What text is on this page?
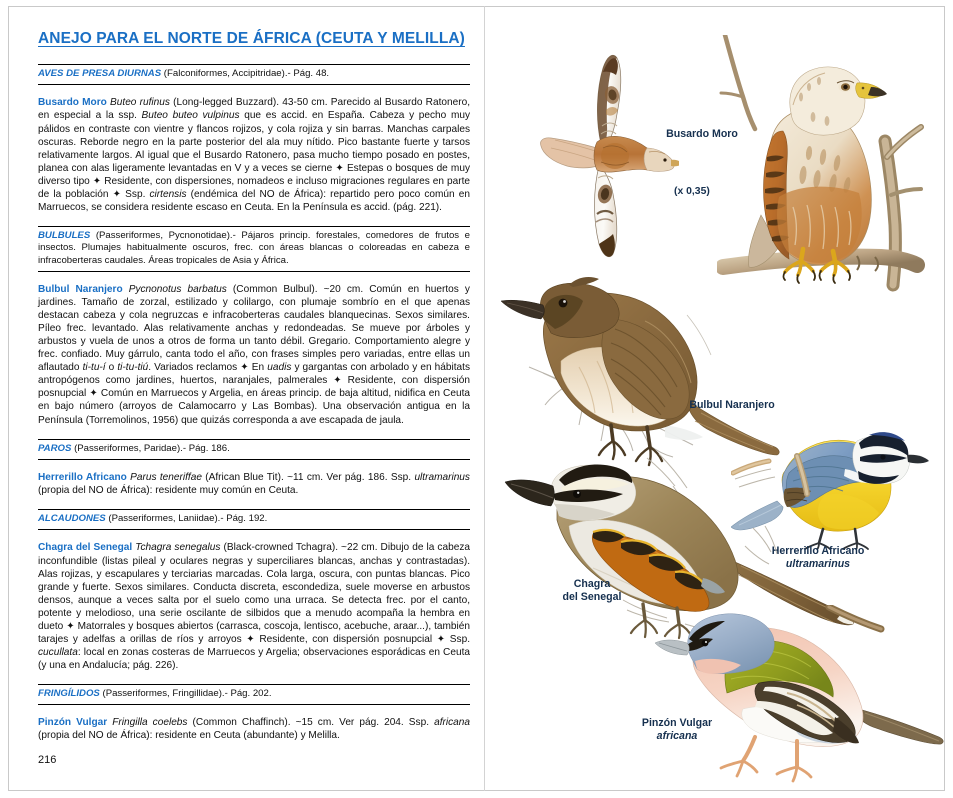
ANEJO PARA EL NORTE DE ÁFRICA (CEUTA Y MELILLA)

AVES DE PRESA DIURNAS (Falconiformes, Accipitridae).- Pág. 48.

Busardo Moro Buteo rufinus (Long-legged Buzzard). 43-50 cm. Parecido al Busardo Ratonero, en especial a la ssp. Buteo buteo vulpinus que es accid. en España. Cabeza y pecho muy pálidos en contraste con vientre y flancos rojizos, y cola rojiza y sin barras. Manchas carpales oscuras. Reborde negro en la parte posterior del ala muy nítido. Pico bastante fuerte y tarsos relativamente largos. Al igual que el Busardo Ratonero, pasa mucho tiempo posado en postes, planea con alas ligeramente levantadas en V y a veces se cierne ✦ Estepas o bosques de muy diverso tipo ✦ Residente, con dispersiones, nomadeos e incluso migraciones regulares en parte de la población ✦ Ssp. cirtensis (endémica del NO de África): repartido pero poco común en Marruecos, se considera residente escaso en Ceuta. En la Península es accid. (pág. 221).

BULBULES (Passeriformes, Pycnonotidae).- Pájaros princip. forestales, comedores de frutos e insectos. Plumajes habitualmente oscuros, frec. con áreas blancas o coloreadas en cabeza e infracoberteras caudales. Áreas tropicales de Asia y África.

Bulbul Naranjero Pycnonotus barbatus (Common Bulbul). ~20 cm. Común en huertos y jardines. Tamaño de zorzal, estilizado y colilargo, con plumaje sombrío en el que apenas destacan cabeza y cola negruzcas e infracoberteras caudales blanquecinas. Sexos similares. Píleo frec. levantado. Alas relativamente anchas y redondeadas. Se mueve por árboles y arbustos y vuela de unos a otros de forma un tanto débil. Gregario. Comportamiento alegre y frec. confiado. Muy gárrulo, canta todo el año, con frases simples pero variadas, entre ellas un aflautado ti-tu-í o ti-tu-tiú. Variados reclamos ✦ En uadis y gargantas con arbolado y en hábitats antropógenos como jardines, huertos, naranjales, palmerales ✦ Residente, con dispersión posnupcial ✦ Común en Marruecos y Argelia, en áreas princip. de baja altitud, nidifica en Ceuta en bajo número (arroyos de Calamocarro y Las Bombas). Una observación antigua en la Península (Torremolinos, 1956) que quizás corresponda a ave escapada de jaula.

PAROS (Passeriformes, Paridae).- Pág. 186.

Herrerillo Africano Parus teneriffae (African Blue Tit). ~11 cm. Ver pág. 186. Ssp. ultramarinus (propia del NO de África): residente muy común en Ceuta.

ALCAUDONES (Passeriformes, Laniidae).- Pág. 192.

Chagra del Senegal Tchagra senegalus (Black-crowned Tchagra). ~22 cm. Dibujo de la cabeza inconfundible (listas pileal y oculares negras y superciliares blancas, anchas y contrastadas). Alas rojizas, y escapulares y terciarias marcadas. Cola larga, oscura, con puntas blancas. Pico grande y fuerte. Sexos similares. Conducta discreta, escondediza, suele moverse en arbustos densos, aunque a veces salta por el suelo como una urraca. Se detecta frec. por el canto, potente y melodioso, una serie oscilante de silbidos que a menudo acompaña la hembra en dueto ✦ Matorrales y bosques abiertos (carrasca, coscoja, lentisco, acebuche, araar...), también tarajes y adelfas a orillas de ríos y arroyos ✦ Residente, con dispersión posnupcial ✦ Ssp. cucullata: local en zonas costeras de Marruecos y Argelia; observaciones esporádicas en Ceuta (y una en Andalucía; pág. 226).

FRINGÍLIDOS (Passeriformes, Fringillidae).- Pág. 202.

Pinzón Vulgar Fringilla coelebs (Common Chaffinch). ~15 cm. Ver pág. 204. Ssp. africana (propia del NO de África): residente en Ceuta (abundante) y Melilla.

216
Busardo Moro
(x 0,35)
Bulbul Naranjero
Herrerillo Africano
ultramarinus
Chagra
del Senegal
Pinzón Vulgar
africana
